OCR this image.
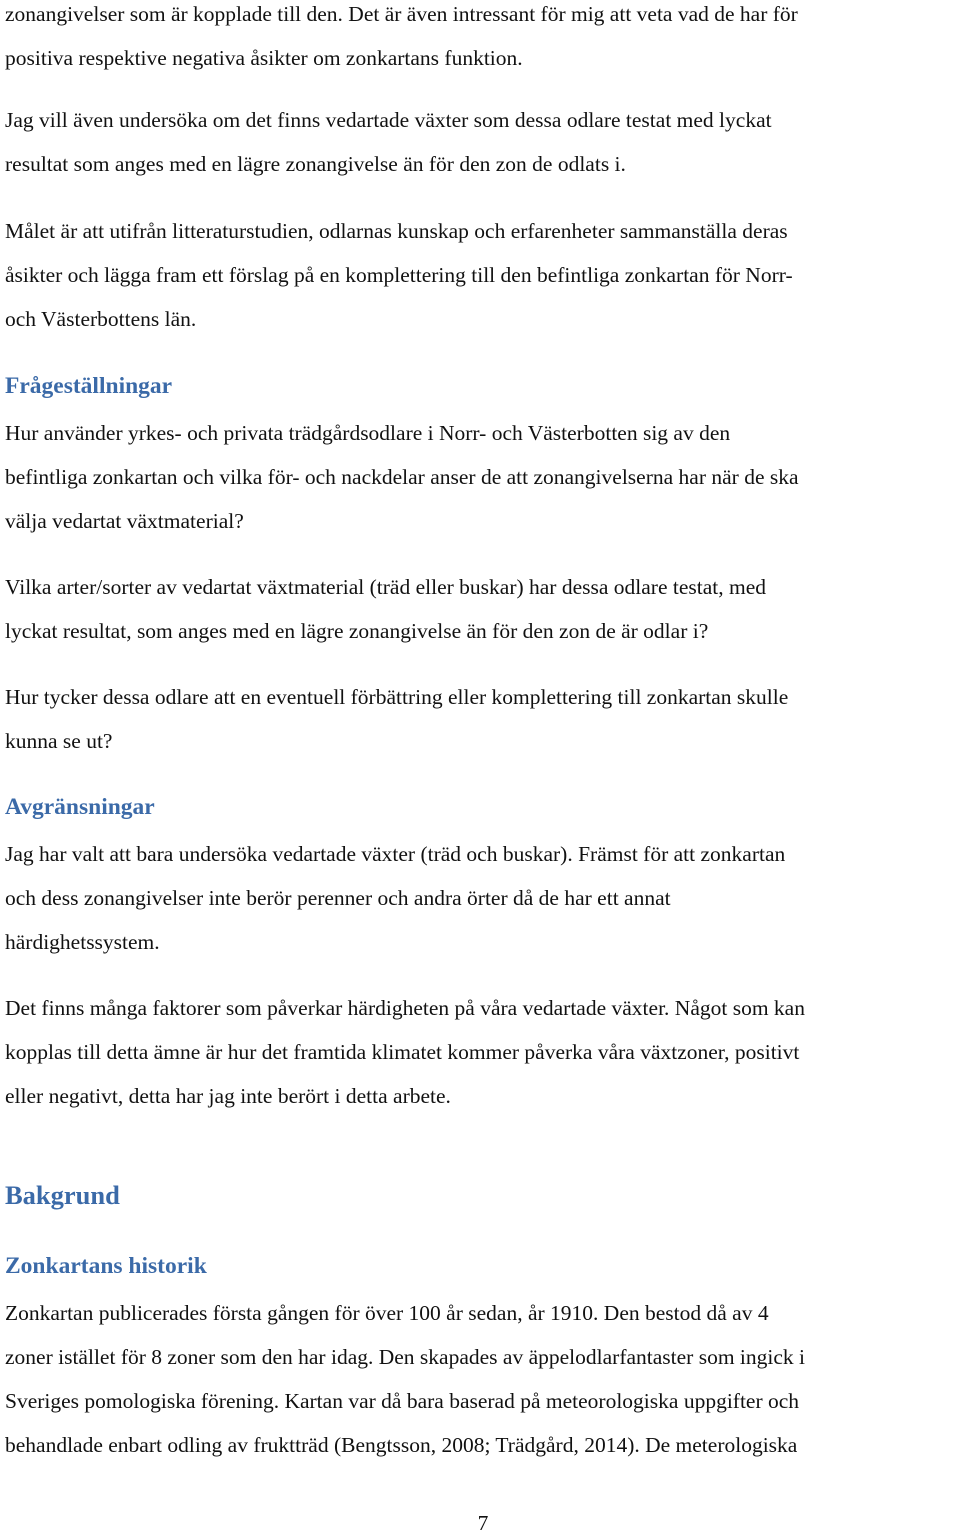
zonangivelser som är kopplade till den. Det är även intressant för mig att veta vad de har för
positiva respektive negativa åsikter om zonkartans funktion.

Jag vill även undersöka om det finns vedartade växter som dessa odlare testat med lyckat
resultat som anges med en lägre zonangivelse än för den zon de odlats i.

Målet är att utifrån litteraturstudien, odlarnas kunskap och erfarenheter sammanställa deras
åsikter och lägga fram ett förslag på en komplettering till den befintliga zonkartan för Norr-
och Västerbottens län.

Frågeställningar

Hur använder yrkes- och privata trädgårdsodlare i Norr- och Västerbotten sig av den
befintliga zonkartan och vilka för- och nackdelar anser de att zonangivelserna har när de ska
välja vedartat växtmaterial?

Vilka arter/sorter av vedartat växtmaterial (träd eller buskar) har dessa odlare testat, med
lyckat resultat, som anges med en lägre zonangivelse än för den zon de är odlar i?

Hur tycker dessa odlare att en eventuell förbättring eller komplettering till zonkartan skulle
kunna se ut?

Avgränsningar

Jag har valt att bara undersöka vedartade växter (träd och buskar). Främst för att zonkartan
och dess zonangivelser inte berör perenner och andra örter då de har ett annat
härdighetssystem.

Det finns många faktorer som påverkar härdigheten på våra vedartade växter. Något som kan
kopplas till detta ämne är hur det framtida klimatet kommer påverka våra växtzoner, positivt
eller negativt, detta har jag inte berört i detta arbete.

Bakgrund
Zonkartans historik

Zonkartan publicerades första gången för över 100 år sedan, år 1910. Den bestod då av 4
zoner istället för 8 zoner som den har idag. Den skapades av äppelodlarfantaster som ingick i
Sveriges pomologiska förening. Kartan var då bara baserad på meteorologiska uppgifter och
behandlade enbart odling av fruktträd (Bengtsson, 2008; Trädgård, 2014). De meterologiska

7
